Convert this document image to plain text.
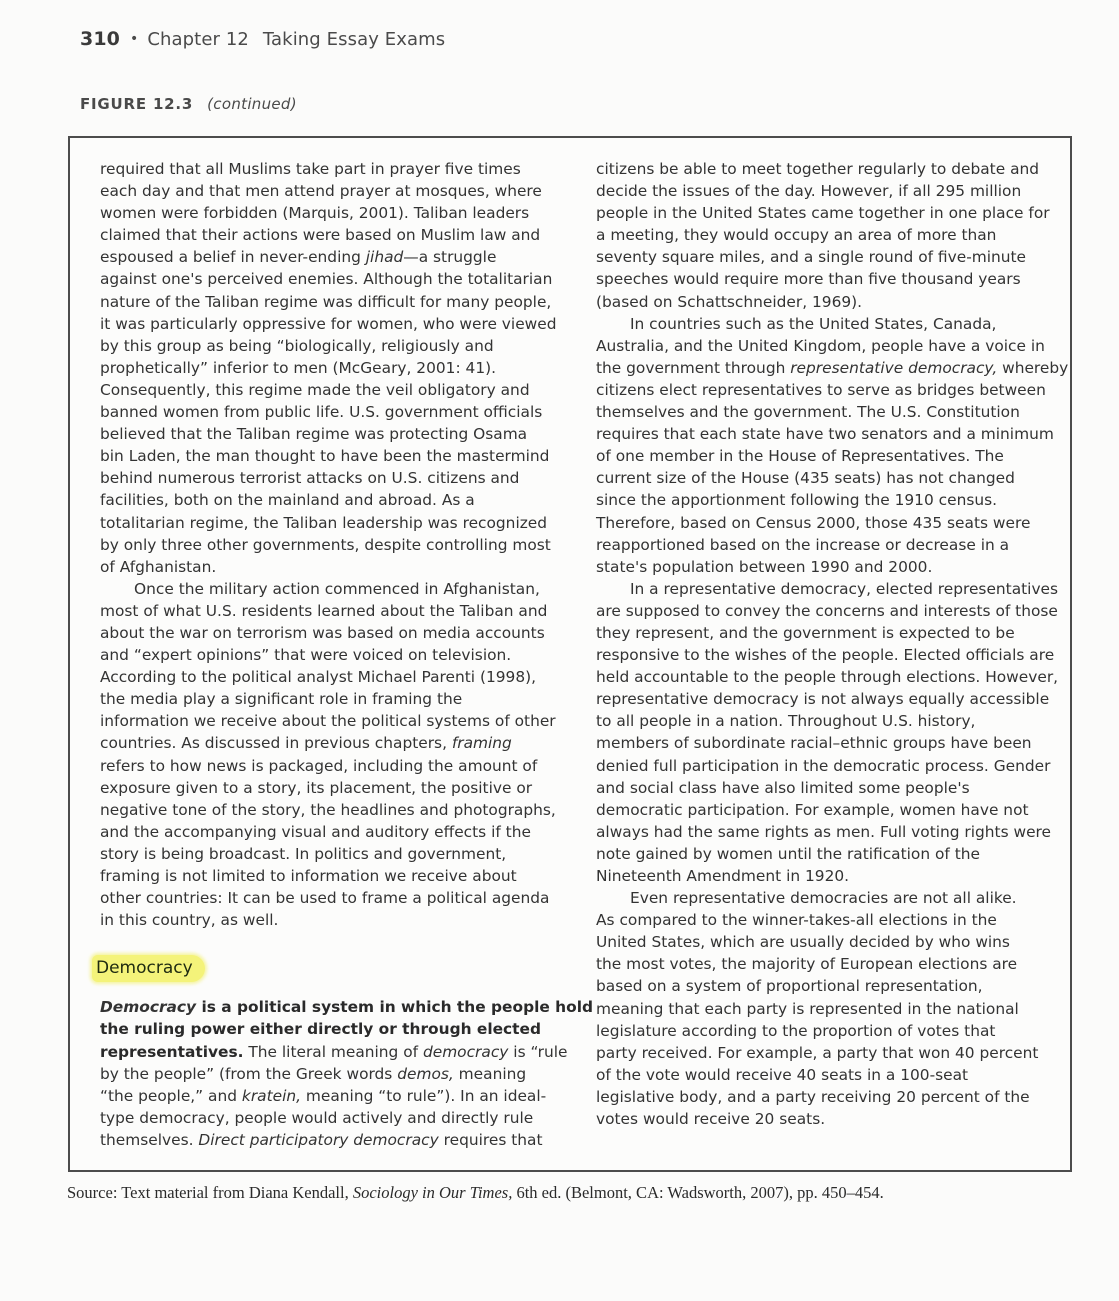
310 • Chapter 12 Taking Essay Exams
FIGURE 12.3 (continued)
required that all Muslims take part in prayer five times
each day and that men attend prayer at mosques, where
women were forbidden (Marquis, 2001). Taliban leaders
claimed that their actions were based on Muslim law and
espoused a belief in never-ending jihad—a struggle
against one's perceived enemies. Although the totalitarian
nature of the Taliban regime was difficult for many people,
it was particularly oppressive for women, who were viewed
by this group as being “biologically, religiously and
prophetically” inferior to men (McGeary, 2001: 41).
Consequently, this regime made the veil obligatory and
banned women from public life. U.S. government officials
believed that the Taliban regime was protecting Osama
bin Laden, the man thought to have been the mastermind
behind numerous terrorist attacks on U.S. citizens and
facilities, both on the mainland and abroad. As a
totalitarian regime, the Taliban leadership was recognized
by only three other governments, despite controlling most
of Afghanistan.
Once the military action commenced in Afghanistan,
most of what U.S. residents learned about the Taliban and
about the war on terrorism was based on media accounts
and “expert opinions” that were voiced on television.
According to the political analyst Michael Parenti (1998),
the media play a significant role in framing the
information we receive about the political systems of other
countries. As discussed in previous chapters, framing
refers to how news is packaged, including the amount of
exposure given to a story, its placement, the positive or
negative tone of the story, the headlines and photographs,
and the accompanying visual and auditory effects if the
story is being broadcast. In politics and government,
framing is not limited to information we receive about
other countries: It can be used to frame a political agenda
in this country, as well.
Democracy
Democracy is a political system in which the people hold
the ruling power either directly or through elected
representatives. The literal meaning of democracy is “rule
by the people” (from the Greek words demos, meaning
“the people,” and kratein, meaning “to rule”). In an ideal-
type democracy, people would actively and directly rule
themselves. Direct participatory democracy requires that
citizens be able to meet together regularly to debate and
decide the issues of the day. However, if all 295 million
people in the United States came together in one place for
a meeting, they would occupy an area of more than
seventy square miles, and a single round of five-minute
speeches would require more than five thousand years
(based on Schattschneider, 1969).
In countries such as the United States, Canada,
Australia, and the United Kingdom, people have a voice in
the government through representative democracy, whereby
citizens elect representatives to serve as bridges between
themselves and the government. The U.S. Constitution
requires that each state have two senators and a minimum
of one member in the House of Representatives. The
current size of the House (435 seats) has not changed
since the apportionment following the 1910 census.
Therefore, based on Census 2000, those 435 seats were
reapportioned based on the increase or decrease in a
state's population between 1990 and 2000.
In a representative democracy, elected representatives
are supposed to convey the concerns and interests of those
they represent, and the government is expected to be
responsive to the wishes of the people. Elected officials are
held accountable to the people through elections. However,
representative democracy is not always equally accessible
to all people in a nation. Throughout U.S. history,
members of subordinate racial–ethnic groups have been
denied full participation in the democratic process. Gender
and social class have also limited some people's
democratic participation. For example, women have not
always had the same rights as men. Full voting rights were
note gained by women until the ratification of the
Nineteenth Amendment in 1920.
Even representative democracies are not all alike.
As compared to the winner-takes-all elections in the
United States, which are usually decided by who wins
the most votes, the majority of European elections are
based on a system of proportional representation,
meaning that each party is represented in the national
legislature according to the proportion of votes that
party received. For example, a party that won 40 percent
of the vote would receive 40 seats in a 100-seat
legislative body, and a party receiving 20 percent of the
votes would receive 20 seats.
Source: Text material from Diana Kendall, Sociology in Our Times, 6th ed. (Belmont, CA: Wadsworth, 2007), pp. 450–454.
